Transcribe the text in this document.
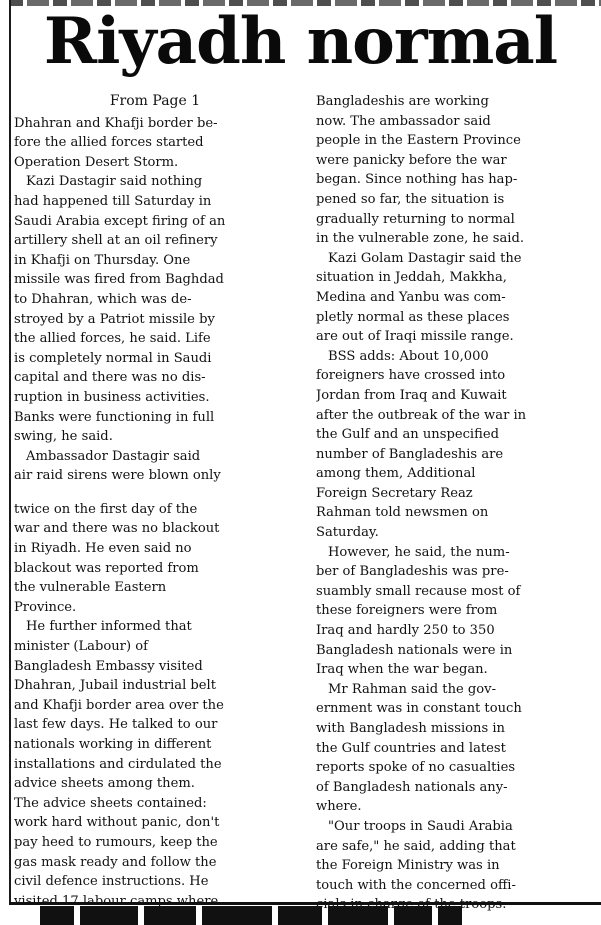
Riyadh normal
From Page 1
Dhahran and Khafji border be-
fore the allied forces started
Operation Desert Storm.
Kazi Dastagir said nothing
had happened till Saturday in
Saudi Arabia except firing of an
artillery shell at an oil refinery
in Khafji on Thursday. One
missile was fired from Baghdad
to Dhahran, which was de-
stroyed by a Patriot missile by
the allied forces, he said. Life
is completely normal in Saudi
capital and there was no dis-
ruption in business activities.
Banks were functioning in full
swing, he said.
Ambassador Dastagir said
air raid sirens were blown only
twice on the first day of the
war and there was no blackout
in Riyadh. He even said no
blackout was reported from
the vulnerable Eastern
Province.
He further informed that
minister (Labour) of
Bangladesh Embassy visited
Dhahran, Jubail industrial belt
and Khafji border area over the
last few days. He talked to our
nationals working in different
installations and cirdulated the
advice sheets among them.
The advice sheets contained:
work hard without panic, don't
pay heed to rumours, keep the
gas mask ready and follow the
civil defence instructions. He
Bangladeshis are working
now. The ambassador said
people in the Eastern Province
were panicky before the war
began. Since nothing has hap-
pened so far, the situation is
gradually returning to normal
in the vulnerable zone, he said.
Kazi Golam Dastagir said the
situation in Jeddah, Makkha,
Medina and Yanbu was com-
pletly normal as these places
are out of Iraqi missile range.
BSS adds: About 10,000
foreigners have crossed into
Jordan from Iraq and Kuwait
after the outbreak of the war in
the Gulf and an unspecified
number of Bangladeshis are
among them, Additional
Foreign Secretary Reaz
Rahman told newsmen on
Saturday.
However, he said, the num-
ber of Bangladeshis was pre-
suambly small recause most of
these foreigners were from
Iraq and hardly 250 to 350
Bangladesh nationals were in
Iraq when the war began.
Mr Rahman said the gov-
ernment was in constant touch
with Bangladesh missions in
the Gulf countries and latest
reports spoke of no casualties
of Bangladesh nationals any-
where.
"Our troops in Saudi Arabia
are safe," he said, adding that
the Foreign Ministry was in
touch with the concerned offi-
